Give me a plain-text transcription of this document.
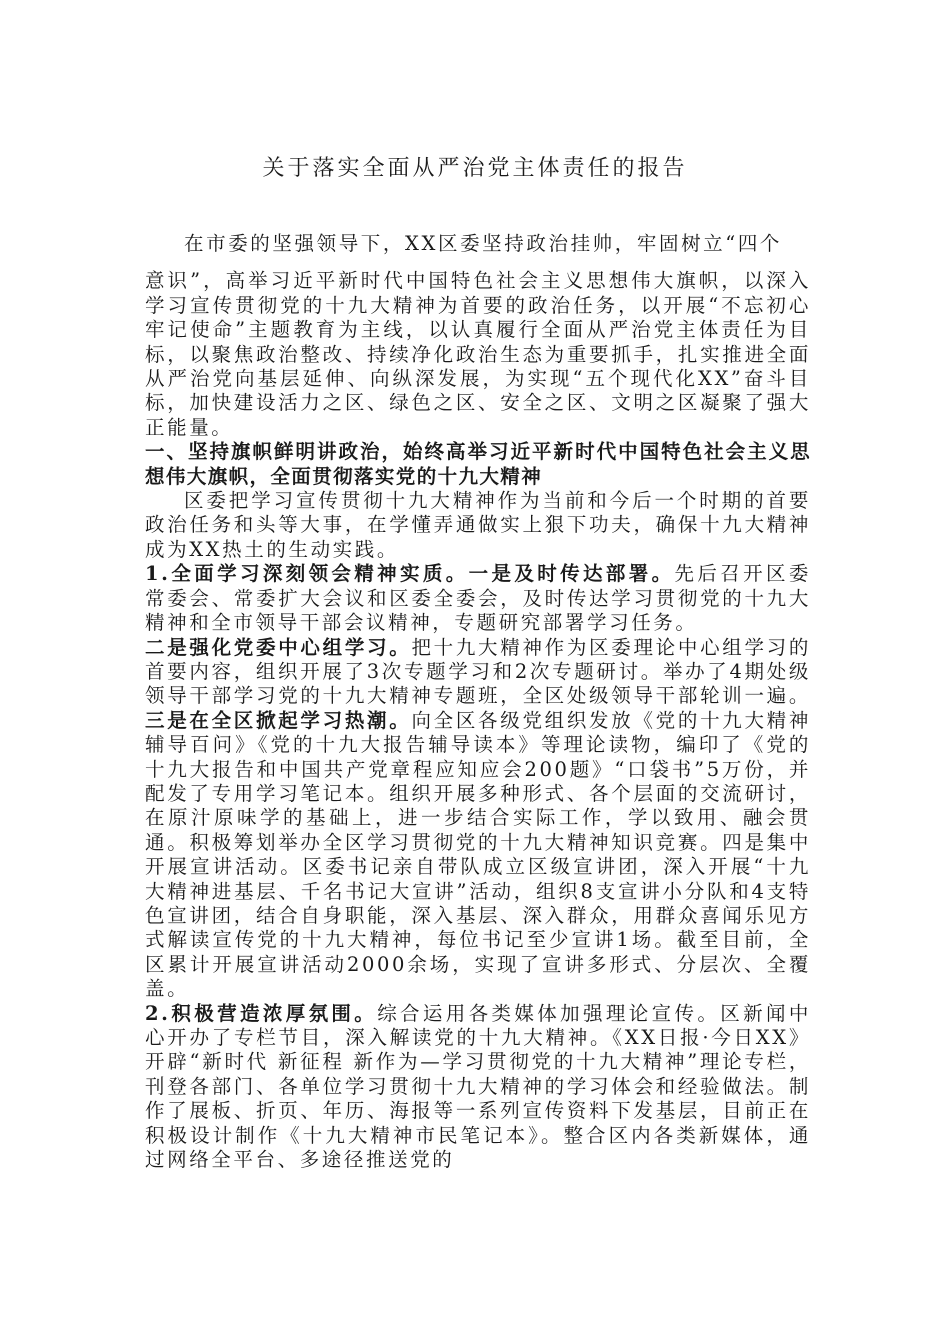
关于落实全面从严治党主体责任的报告

在市委的坚强领导下，XX区委坚持政治挂帅，牢固树立“四个
意识”，高举习近平新时代中国特色社会主义思想伟大旗帜，以深入学习宣传贯彻党的十九大精神为首要的政治任务，以开展“不忘初心牢记使命”主题教育为主线，以认真履行全面从严治党主体责任为目标，以聚焦政治整改、持续净化政治生态为重要抓手，扎实推进全面从严治党向基层延伸、向纵深发展，为实现“五个现代化XX”奋斗目标，加快建设活力之区、绿色之区、安全之区、文明之区凝聚了强大正能量。

一、坚持旗帜鲜明讲政治，始终高举习近平新时代中国特色社会主义思想伟大旗帜，全面贯彻落实党的十九大精神

区委把学习宣传贯彻十九大精神作为当前和今后一个时期的首要政治任务和头等大事，在学懂弄通做实上狠下功夫，确保十九大精神成为XX热土的生动实践。

1.全面学习深刻领会精神实质。一是及时传达部署。先后召开区委常委会、常委扩大会议和区委全委会，及时传达学习贯彻党的十九大精神和全市领导干部会议精神，专题研究部署学习任务。

二是强化党委中心组学习。把十九大精神作为区委理论中心组学习的首要内容，组织开展了3次专题学习和2次专题研讨。举办了4期处级领导干部学习党的十九大精神专题班，全区处级领导干部轮训一遍。三是在全区掀起学习热潮。向全区各级党组织发放《党的十九大精神辅导百问》《党的十九大报告辅导读本》等理论读物，编印了《党的十九大报告和中国共产党章程应知应会200题》“口袋书”5万份，并配发了专用学习笔记本。组织开展多种形式、各个层面的交流研讨，在原汁原味学的基础上，进一步结合实际工作，学以致用、融会贯通。积极筹划举办全区学习贯彻党的十九大精神知识竞赛。四是集中开展宣讲活动。区委书记亲自带队成立区级宣讲团，深入开展“十九大精神进基层、千名书记大宣讲”活动，组织8支宣讲小分队和4支特色宣讲团，结合自身职能，深入基层、深入群众，用群众喜闻乐见方式解读宣传党的十九大精神，每位书记至少宣讲1场。截至目前，全区累计开展宣讲活动2000余场，实现了宣讲多形式、分层次、全覆盖。

2.积极营造浓厚氛围。综合运用各类媒体加强理论宣传。区新闻中心开办了专栏节目，深入解读党的十九大精神。《XX日报·今日XX》开辟“新时代 新征程 新作为—学习贯彻党的十九大精神”理论专栏，刊登各部门、各单位学习贯彻十九大精神的学习体会和经验做法。制作了展板、折页、年历、海报等一系列宣传资料下发基层，目前正在积极设计制作《十九大精神市民笔记本》。整合区内各类新媒体，通过网络全平台、多途径推送党的
